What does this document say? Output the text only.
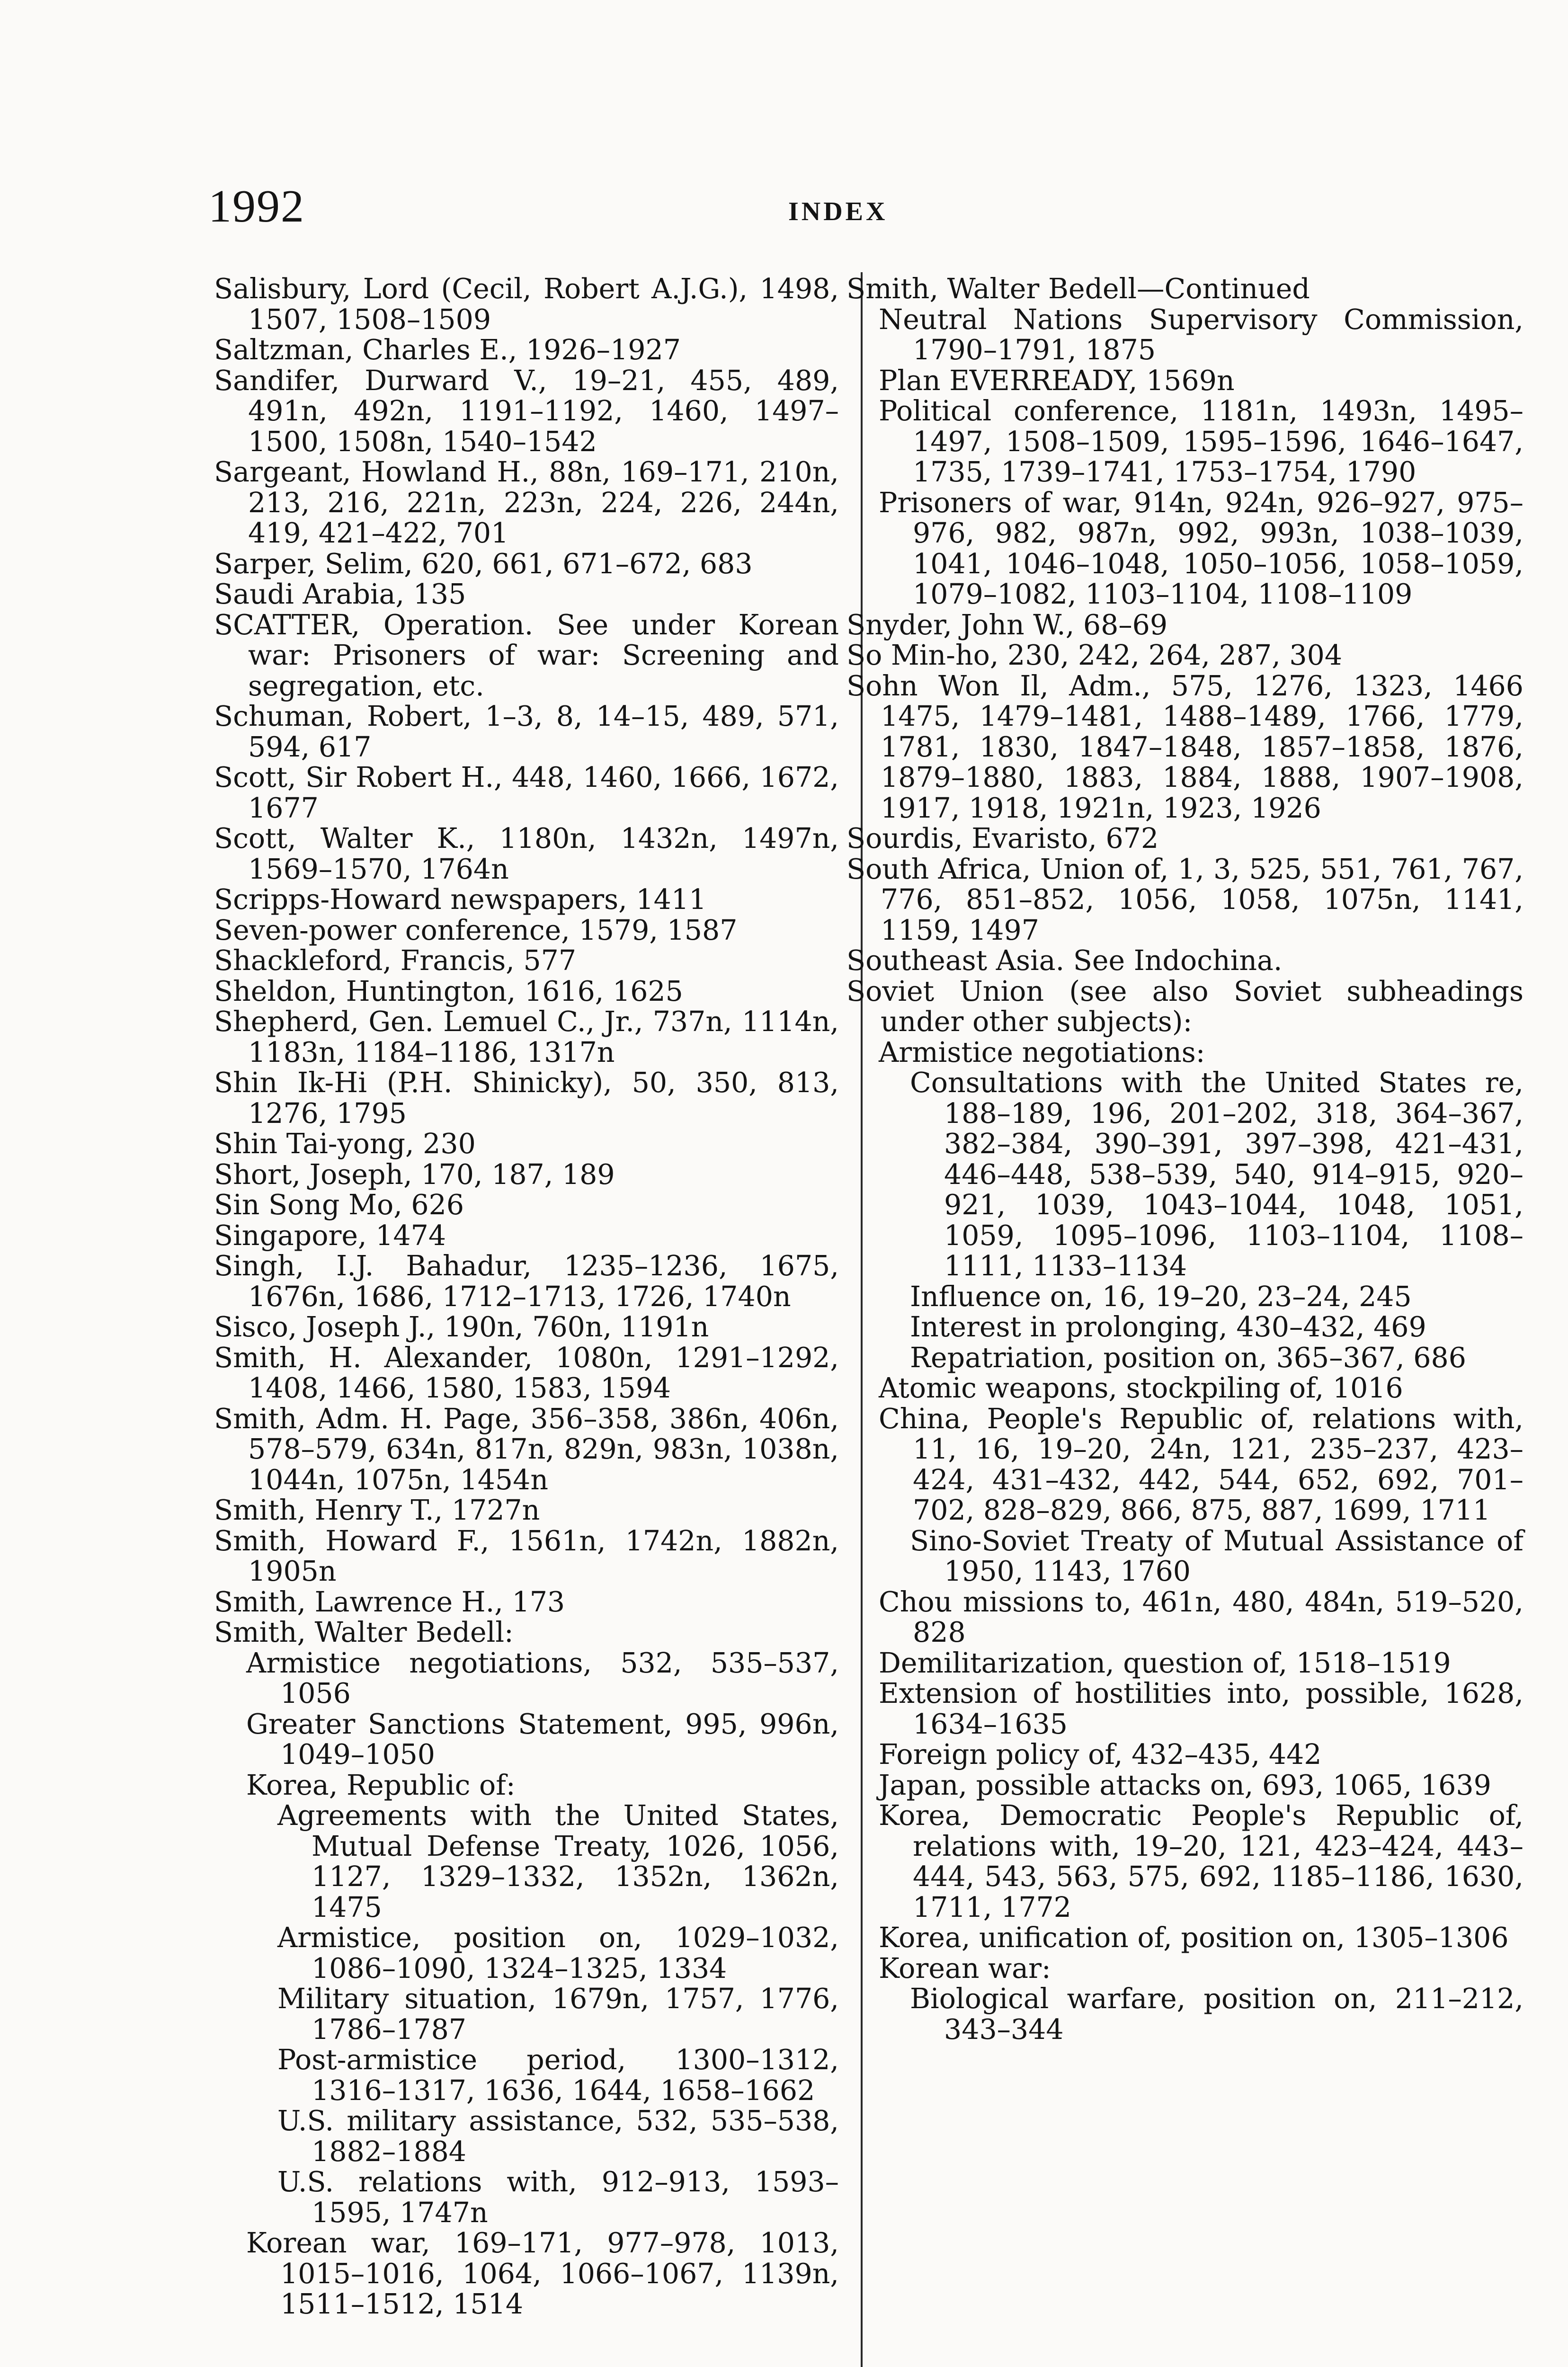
1992	INDEX
Salisbury, Lord (Cecil, Robert A.J.G.), 1498, 1507, 1508–1509
Saltzman, Charles E., 1926–1927
Sandifer, Durward V., 19–21, 455, 489, 491n, 492n, 1191–1192, 1460, 1497–1500, 1508n, 1540–1542
Sargeant, Howland H., 88n, 169–171, 210n, 213, 216, 221n, 223n, 224, 226, 244n, 419, 421–422, 701
Sarper, Selim, 620, 661, 671–672, 683
Saudi Arabia, 135
SCATTER, Operation. See under Korean war: Prisoners of war: Screening and segregation, etc.
Schuman, Robert, 1–3, 8, 14–15, 489, 571, 594, 617
Scott, Sir Robert H., 448, 1460, 1666, 1672, 1677
Scott, Walter K., 1180n, 1432n, 1497n, 1569–1570, 1764n
Scripps-Howard newspapers, 1411
Seven-power conference, 1579, 1587
Shackleford, Francis, 577
Sheldon, Huntington, 1616, 1625
Shepherd, Gen. Lemuel C., Jr., 737n, 1114n, 1183n, 1184–1186, 1317n
Shin Ik-Hi (P.H. Shinicky), 50, 350, 813, 1276, 1795
Shin Tai-yong, 230
Short, Joseph, 170, 187, 189
Sin Song Mo, 626
Singapore, 1474
Singh, I.J. Bahadur, 1235–1236, 1675, 1676n, 1686, 1712–1713, 1726, 1740n
Sisco, Joseph J., 190n, 760n, 1191n
Smith, H. Alexander, 1080n, 1291–1292, 1408, 1466, 1580, 1583, 1594
Smith, Adm. H. Page, 356–358, 386n, 406n, 578–579, 634n, 817n, 829n, 983n, 1038n, 1044n, 1075n, 1454n
Smith, Henry T., 1727n
Smith, Howard F., 1561n, 1742n, 1882n, 1905n
Smith, Lawrence H., 173
Smith, Walter Bedell:
Armistice negotiations, 532, 535–537, 1056
Greater Sanctions Statement, 995, 996n, 1049–1050
Korea, Republic of:
Agreements with the United States, Mutual Defense Treaty, 1026, 1056, 1127, 1329–1332, 1352n, 1362n, 1475
Armistice, position on, 1029–1032, 1086–1090, 1324–1325, 1334
Military situation, 1679n, 1757, 1776, 1786–1787
Post-armistice period, 1300–1312, 1316–1317, 1636, 1644, 1658–1662
U.S. military assistance, 532, 535–538, 1882–1884
U.S. relations with, 912–913, 1593–1595, 1747n
Korean war, 169–171, 977–978, 1013, 1015–1016, 1064, 1066–1067, 1139n, 1511–1512, 1514
Smith, Walter Bedell—Continued
Neutral Nations Supervisory Commission, 1790–1791, 1875
Plan EVERREADY, 1569n
Political conference, 1181n, 1493n, 1495–1497, 1508–1509, 1595–1596, 1646–1647, 1735, 1739–1741, 1753–1754, 1790
Prisoners of war, 914n, 924n, 926–927, 975–976, 982, 987n, 992, 993n, 1038–1039, 1041, 1046–1048, 1050–1056, 1058–1059, 1079–1082, 1103–1104, 1108–1109
Snyder, John W., 68–69
So Min-ho, 230, 242, 264, 287, 304
Sohn Won Il, Adm., 575, 1276, 1323, 1466 1475, 1479–1481, 1488–1489, 1766, 1779, 1781, 1830, 1847–1848, 1857–1858, 1876, 1879–1880, 1883, 1884, 1888, 1907–1908, 1917, 1918, 1921n, 1923, 1926
Sourdis, Evaristo, 672
South Africa, Union of, 1, 3, 525, 551, 761, 767, 776, 851–852, 1056, 1058, 1075n, 1141, 1159, 1497
Southeast Asia. See Indochina.
Soviet Union (see also Soviet subheadings under other subjects):
Armistice negotiations:
Consultations with the United States re, 188–189, 196, 201–202, 318, 364–367, 382–384, 390–391, 397–398, 421–431, 446–448, 538–539, 540, 914–915, 920–921, 1039, 1043–1044, 1048, 1051, 1059, 1095–1096, 1103–1104, 1108–1111, 1133–1134
Influence on, 16, 19–20, 23–24, 245
Interest in prolonging, 430–432, 469
Repatriation, position on, 365–367, 686
Atomic weapons, stockpiling of, 1016
China, People's Republic of, relations with, 11, 16, 19–20, 24n, 121, 235–237, 423–424, 431–432, 442, 544, 652, 692, 701–702, 828–829, 866, 875, 887, 1699, 1711
Sino-Soviet Treaty of Mutual Assistance of 1950, 1143, 1760
Chou missions to, 461n, 480, 484n, 519–520, 828
Demilitarization, question of, 1518–1519
Extension of hostilities into, possible, 1628, 1634–1635
Foreign policy of, 432–435, 442
Japan, possible attacks on, 693, 1065, 1639
Korea, Democratic People's Republic of, relations with, 19–20, 121, 423–424, 443–444, 543, 563, 575, 692, 1185–1186, 1630, 1711, 1772
Korea, unification of, position on, 1305–1306
Korean war:
Biological warfare, position on, 211–212, 343–344
